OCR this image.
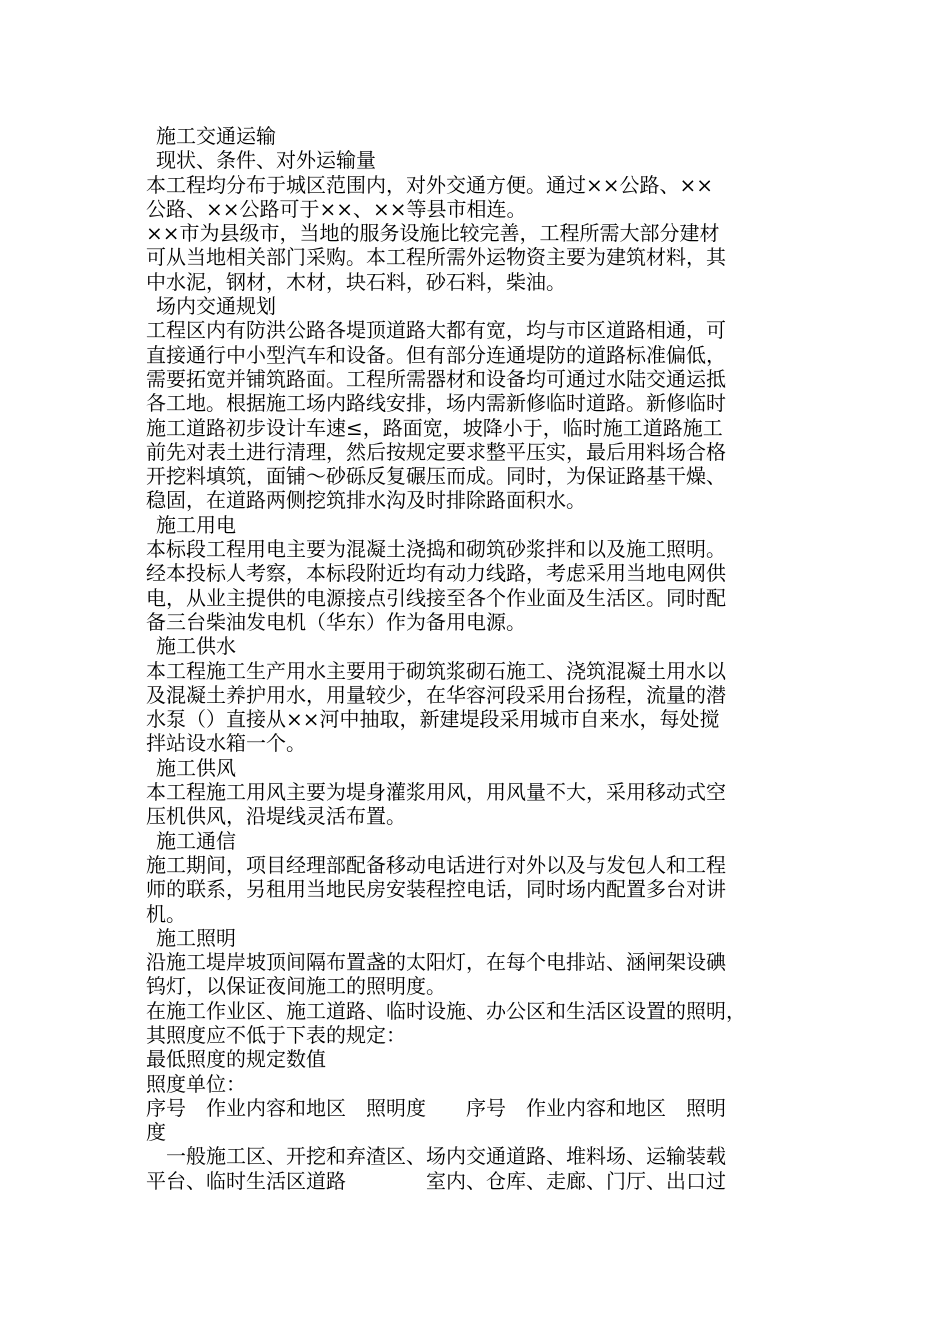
施工交通运输

现状、条件、对外运输量

本工程均分布于城区范围内，对外交通方便。通过××公路、××

公路、××公路可于××、××等县市相连。

××市为县级市，当地的服务设施比较完善，工程所需大部分建材

可从当地相关部门采购。本工程所需外运物资主要为建筑材料，其

中水泥，钢材，木材，块石料，砂石料，柴油。

场内交通规划

工程区内有防洪公路各堤顶道路大都有宽，均与市区道路相通，可

直接通行中小型汽车和设备。但有部分连通堤防的道路标准偏低，

需要拓宽并铺筑路面。工程所需器材和设备均可通过水陆交通运抵

各工地。根据施工场内路线安排，场内需新修临时道路。新修临时

施工道路初步设计车速≤，路面宽，坡降小于，临时施工道路施工

前先对表土进行清理，然后按规定要求整平压实，最后用料场合格

开挖料填筑，面铺～砂砾反复碾压而成。同时，为保证路基干燥、

稳固，在道路两侧挖筑排水沟及时排除路面积水。

施工用电

本标段工程用电主要为混凝土浇捣和砌筑砂浆拌和以及施工照明。

经本投标人考察，本标段附近均有动力线路，考虑采用当地电网供

电，从业主提供的电源接点引线接至各个作业面及生活区。同时配

备三台柴油发电机（华东）作为备用电源。

施工供水

本工程施工生产用水主要用于砌筑浆砌石施工、浇筑混凝土用水以

及混凝土养护用水，用量较少，在华容河段采用台扬程，流量的潜

水泵（）直接从××河中抽取，新建堤段采用城市自来水，每处搅

拌站设水箱一个。

施工供风

本工程施工用风主要为堤身灌浆用风，用风量不大，采用移动式空

压机供风，沿堤线灵活布置。

施工通信

施工期间，项目经理部配备移动电话进行对外以及与发包人和工程

师的联系，另租用当地民房安装程控电话，同时场内配置多台对讲

机。

施工照明

沿施工堤岸坡顶间隔布置盏的太阳灯，在每个电排站、涵闸架设碘

钨灯，以保证夜间施工的照明度。

在施工作业区、施工道路、临时设施、办公区和生活区设置的照明，

其照度应不低于下表的规定：

最低照度的规定数值

照度单位：

序号　作业内容和地区　照明度　　序号　作业内容和地区　照明

度

　一般施工区、开挖和弃渣区、场内交通道路、堆料场、运输装载

平台、临时生活区道路　　　　室内、仓库、走廊、门厅、出口过
